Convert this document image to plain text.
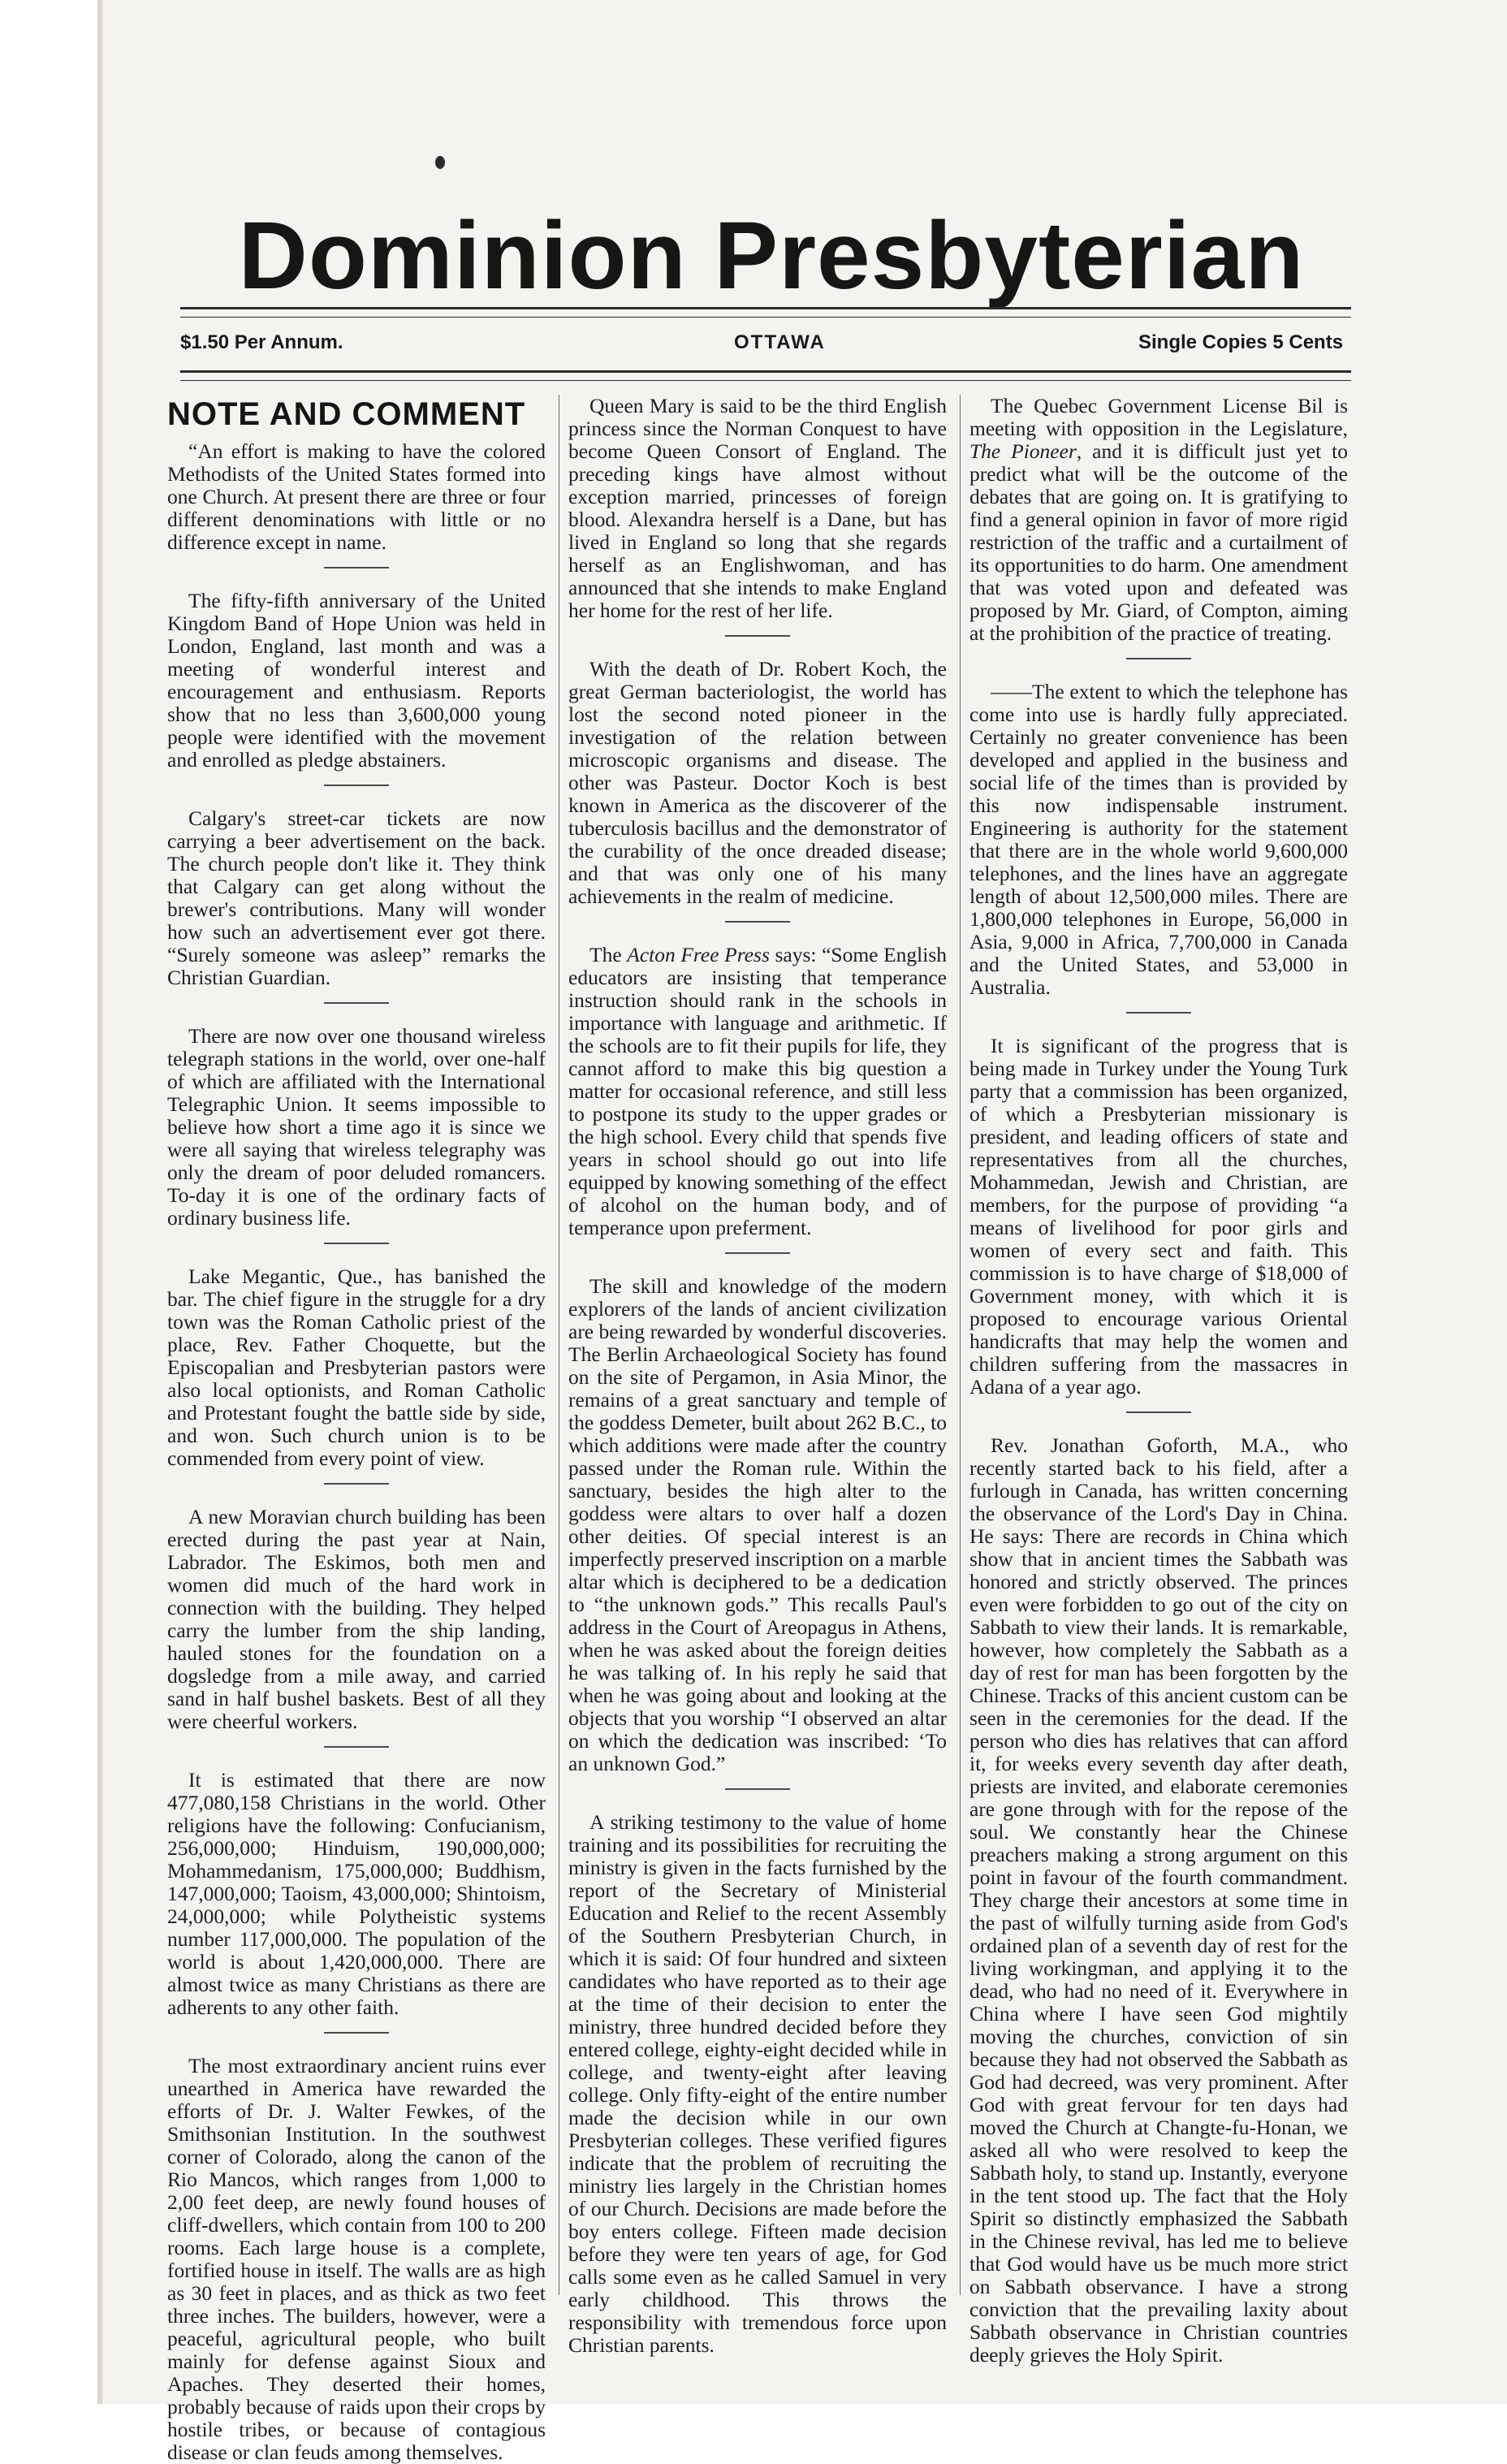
Dominion Presbyterian
$1.50 Per Annum.	OTTAWA	Single Copies 5 Cents
NOTE AND COMMENT

“An effort is making to have the colored Methodists of the United States formed into one Church. At present there are three or four different denominations with little or no difference except in name.

The fifty-fifth anniversary of the United Kingdom Band of Hope Union was held in London, England, last month and was a meeting of wonderful interest and encouragement and enthusiasm. Reports show that no less than 3,600,000 young people were identified with the movement and enrolled as pledge abstainers.

Calgary's street-car tickets are now carrying a beer advertisement on the back. The church people don't like it. They think that Calgary can get along without the brewer's contributions. Many will wonder how such an advertisement ever got there. “Surely someone was asleep” remarks the Christian Guardian.

There are now over one thousand wireless telegraph stations in the world, over one-half of which are affiliated with the International Telegraphic Union. It seems impossible to believe how short a time ago it is since we were all saying that wireless telegraphy was only the dream of poor deluded romancers. To-day it is one of the ordinary facts of ordinary business life.

Lake Megantic, Que., has banished the bar. The chief figure in the struggle for a dry town was the Roman Catholic priest of the place, Rev. Father Choquette, but the Episcopalian and Presbyterian pastors were also local optionists, and Roman Catholic and Protestant fought the battle side by side, and won. Such church union is to be commended from every point of view.

A new Moravian church building has been erected during the past year at Nain, Labrador. The Eskimos, both men and women did much of the hard work in connection with the building. They helped carry the lumber from the ship landing, hauled stones for the foundation on a dogsledge from a mile away, and carried sand in half bushel baskets. Best of all they were cheerful workers.

It is estimated that there are now 477,080,158 Christians in the world. Other religions have the following: Confucianism, 256,000,000; Hinduism, 190,000,000; Mohammedanism, 175,000,000; Buddhism, 147,000,000; Taoism, 43,000,000; Shintoism, 24,000,000; while Polytheistic systems number 117,000,000. The population of the world is about 1,420,000,000. There are almost twice as many Christians as there are adherents to any other faith.

The most extraordinary ancient ruins ever unearthed in America have rewarded the efforts of Dr. J. Walter Fewkes, of the Smithsonian Institution. In the southwest corner of Colorado, along the canon of the Rio Mancos, which ranges from 1,000 to 2,00 feet deep, are newly found houses of cliff-dwellers, which contain from 100 to 200 rooms. Each large house is a complete, fortified house in itself. The walls are as high as 30 feet in places, and as thick as two feet three inches. The builders, however, were a peaceful, agricultural people, who built mainly for defense against Sioux and Apaches. They deserted their homes, probably because of raids upon their crops by hostile tribes, or because of contagious disease or clan feuds among themselves.

Queen Mary is said to be the third English princess since the Norman Conquest to have become Queen Consort of England. The preceding kings have almost without exception married, princesses of foreign blood. Alexandra herself is a Dane, but has lived in England so long that she regards herself as an Englishwoman, and has announced that she intends to make England her home for the rest of her life.

With the death of Dr. Robert Koch, the great German bacteriologist, the world has lost the second noted pioneer in the investigation of the relation between microscopic organisms and disease. The other was Pasteur. Doctor Koch is best known in America as the discoverer of the tuberculosis bacillus and the demonstrator of the curability of the once dreaded disease; and that was only one of his many achievements in the realm of medicine.

The Acton Free Press says: “Some English educators are insisting that temperance instruction should rank in the schools in importance with language and arithmetic. If the schools are to fit their pupils for life, they cannot afford to make this big question a matter for occasional reference, and still less to postpone its study to the upper grades or the high school. Every child that spends five years in school should go out into life equipped by knowing something of the effect of alcohol on the human body, and of temperance upon preferment.

The skill and knowledge of the modern explorers of the lands of ancient civilization are being rewarded by wonderful discoveries. The Berlin Archaeological Society has found on the site of Pergamon, in Asia Minor, the remains of a great sanctuary and temple of the goddess Demeter, built about 262 B.C., to which additions were made after the country passed under the Roman rule. Within the sanctuary, besides the high alter to the goddess were altars to over half a dozen other deities. Of special interest is an imperfectly preserved inscription on a marble altar which is deciphered to be a dedication to “the unknown gods.” This recalls Paul's address in the Court of Areopagus in Athens, when he was asked about the foreign deities he was talking of. In his reply he said that when he was going about and looking at the objects that you worship “I observed an altar on which the dedication was inscribed: ‘To an unknown God.”

A striking testimony to the value of home training and its possibilities for recruiting the ministry is given in the facts furnished by the report of the Secretary of Ministerial Education and Relief to the recent Assembly of the Southern Presbyterian Church, in which it is said: Of four hundred and sixteen candidates who have reported as to their age at the time of their decision to enter the ministry, three hundred decided before they entered college, eighty-eight decided while in college, and twenty-eight after leaving college. Only fifty-eight of the entire number made the decision while in our own Presbyterian colleges. These verified figures indicate that the problem of recruiting the ministry lies largely in the Christian homes of our Church. Decisions are made before the boy enters college. Fifteen made decision before they were ten years of age, for God calls some even as he called Samuel in very early childhood. This throws the responsibility with tremendous force upon Christian parents.

The Quebec Government License Bil is meeting with opposition in the Legislature, The Pioneer, and it is difficult just yet to predict what will be the outcome of the debates that are going on. It is gratifying to find a general opinion in favor of more rigid restriction of the traffic and a curtailment of its opportunities to do harm. One amendment that was voted upon and defeated was proposed by Mr. Giard, of Compton, aiming at the prohibition of the practice of treating.

——The extent to which the telephone has come into use is hardly fully appreciated. Certainly no greater convenience has been developed and applied in the business and social life of the times than is provided by this now indispensable instrument. Engineering is authority for the statement that there are in the whole world 9,600,000 telephones, and the lines have an aggregate length of about 12,500,000 miles. There are 1,800,000 telephones in Europe, 56,000 in Asia, 9,000 in Africa, 7,700,000 in Canada and the United States, and 53,000 in Australia.

It is significant of the progress that is being made in Turkey under the Young Turk party that a commission has been organized, of which a Presbyterian missionary is president, and leading officers of state and representatives from all the churches, Mohammedan, Jewish and Christian, are members, for the purpose of providing “a means of livelihood for poor girls and women of every sect and faith. This commission is to have charge of $18,000 of Government money, with which it is proposed to encourage various Oriental handicrafts that may help the women and children suffering from the massacres in Adana of a year ago.

Rev. Jonathan Goforth, M.A., who recently started back to his field, after a furlough in Canada, has written concerning the observance of the Lord's Day in China. He says: There are records in China which show that in ancient times the Sabbath was honored and strictly observed. The princes even were forbidden to go out of the city on Sabbath to view their lands. It is remarkable, however, how completely the Sabbath as a day of rest for man has been forgotten by the Chinese. Tracks of this ancient custom can be seen in the ceremonies for the dead. If the person who dies has relatives that can afford it, for weeks every seventh day after death, priests are invited, and elaborate ceremonies are gone through with for the repose of the soul. We constantly hear the Chinese preachers making a strong argument on this point in favour of the fourth commandment. They charge their ancestors at some time in the past of wilfully turning aside from God's ordained plan of a seventh day of rest for the living workingman, and applying it to the dead, who had no need of it. Everywhere in China where I have seen God mightily moving the churches, conviction of sin because they had not observed the Sabbath as God had decreed, was very prominent. After God with great fervour for ten days had moved the Church at Changte-fu-Honan, we asked all who were resolved to keep the Sabbath holy, to stand up. Instantly, everyone in the tent stood up. The fact that the Holy Spirit so distinctly emphasized the Sabbath in the Chinese revival, has led me to believe that God would have us be much more strict on Sabbath observance. I have a strong conviction that the prevailing laxity about Sabbath observance in Christian countries deeply grieves the Holy Spirit.
